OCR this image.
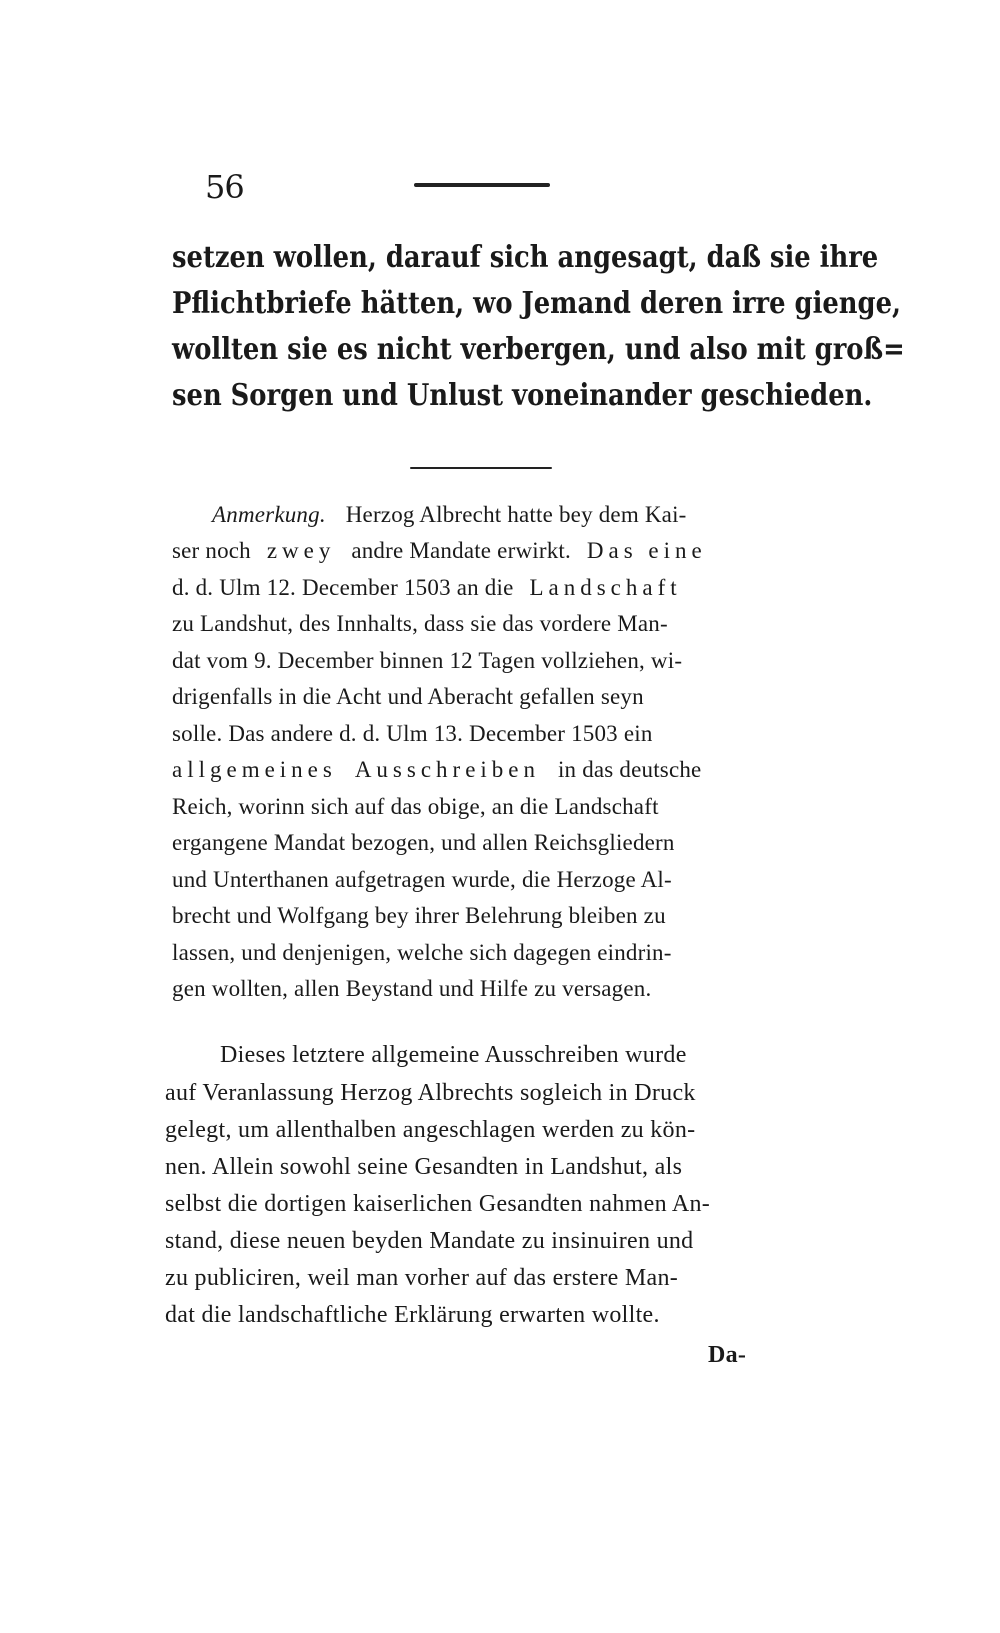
56
setzen wollen, darauf sich angesagt, daß sie ihre
Pflichtbriefe hätten, wo Jemand deren irre gienge,
wollten sie es nicht verbergen, und also mit groß=
sen Sorgen und Unlust voneinander geschieden.
Anmerkung. Herzog Albrecht hatte bey dem Kai-
ser noch zwey andre Mandate erwirkt. Das eine
d. d. Ulm 12. December 1503 an die Landschaft
zu Landshut, des Innhalts, dass sie das vordere Man-
dat vom 9. December binnen 12 Tagen vollziehen, wi-
drigenfalls in die Acht und Aberacht gefallen seyn
solle. Das andere d. d. Ulm 13. December 1503 ein
allgemeines Ausschreiben in das deutsche
Reich, worinn sich auf das obige, an die Landschaft
ergangene Mandat bezogen, und allen Reichsgliedern
und Unterthanen aufgetragen wurde, die Herzoge Al-
brecht und Wolfgang bey ihrer Belehrung bleiben zu
lassen, und denjenigen, welche sich dagegen eindrin-
gen wollten, allen Beystand und Hilfe zu versagen.
Dieses letztere allgemeine Ausschreiben wurde
auf Veranlassung Herzog Albrechts sogleich in Druck
gelegt, um allenthalben angeschlagen werden zu kön-
nen. Allein sowohl seine Gesandten in Landshut, als
selbst die dortigen kaiserlichen Gesandten nahmen An-
stand, diese neuen beyden Mandate zu insinuiren und
zu publiciren, weil man vorher auf das erstere Man-
dat die landschaftliche Erklärung erwarten wollte.
Da-
